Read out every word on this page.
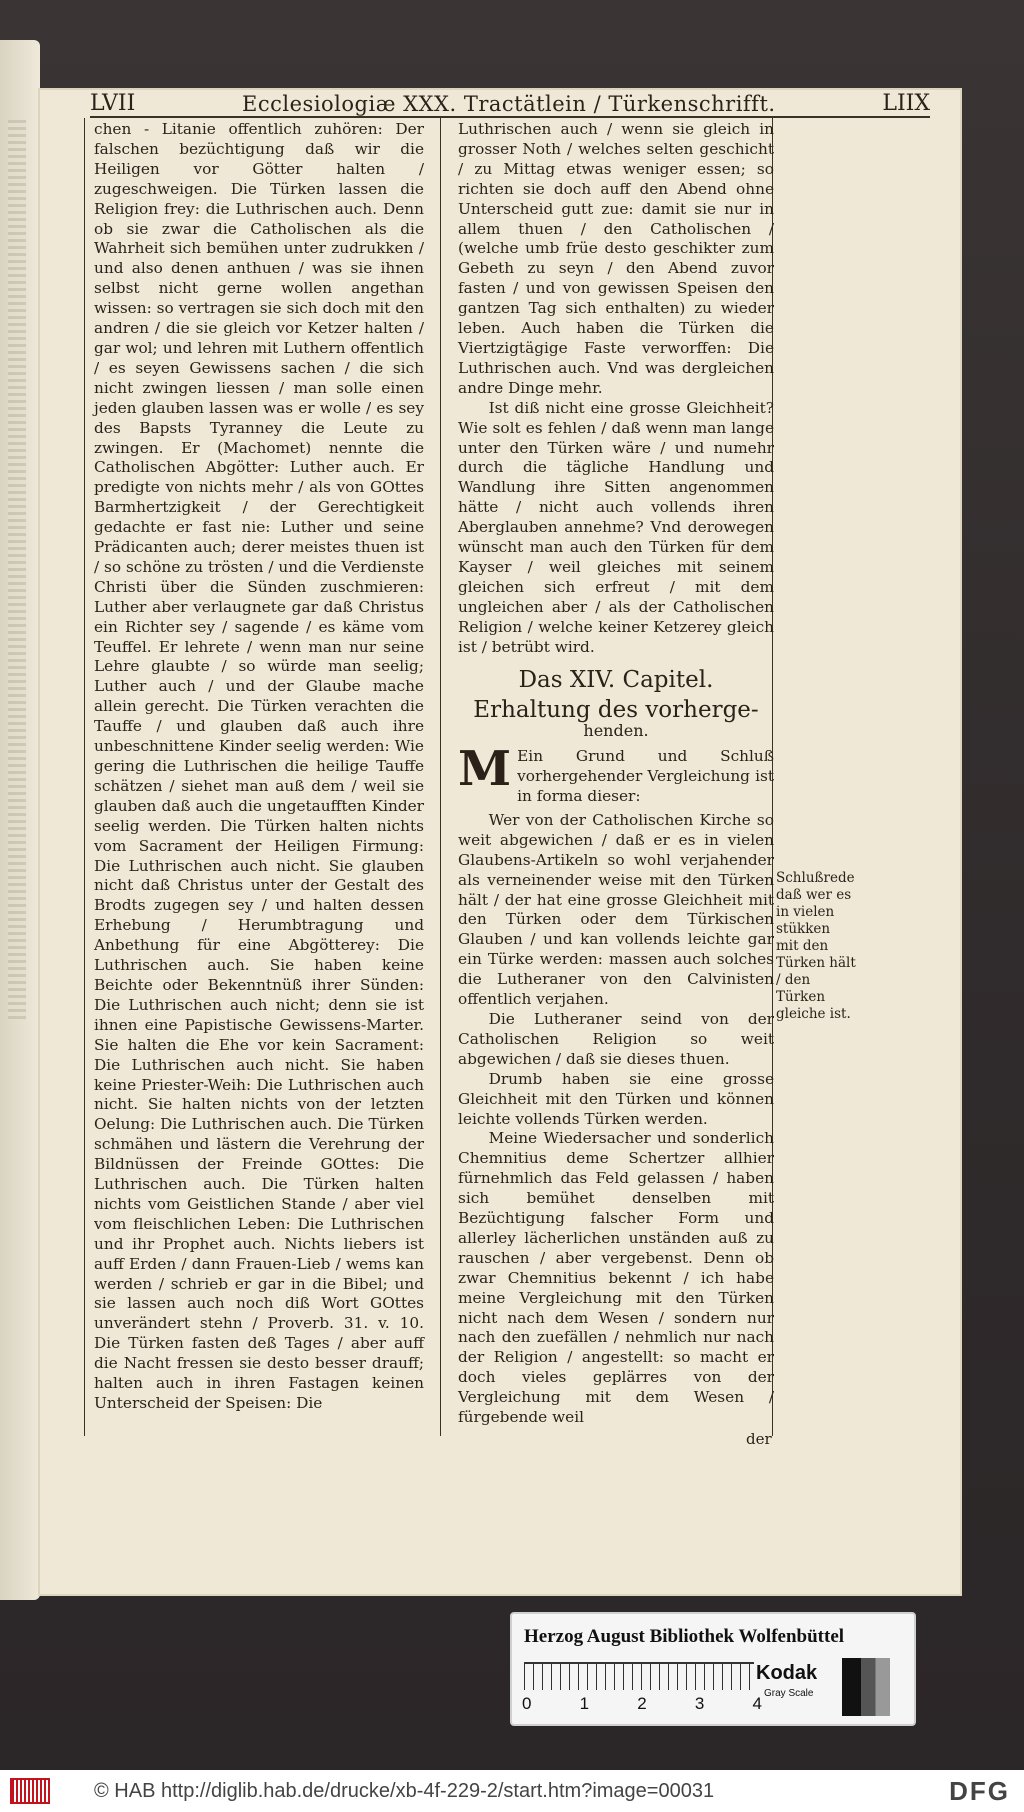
LVII	Ecclesiologiæ XXX. Tractätlein / Türkenschrifft.	LIIX

chen - Litanie offentlich zuhören: Der falschen bezüchtigung daß wir die Heiligen vor Götter halten / zugeschweigen. Die Türken lassen die Religion frey: die Luthrischen auch. Denn ob sie zwar die Catholischen als die Wahrheit sich bemühen unter zudrukken / und also denen anthuen / was sie ihnen selbst nicht gerne wollen angethan wissen: so vertragen sie sich doch mit den andren / die sie gleich vor Ketzer halten / gar wol; und lehren mit Luthern offentlich / es seyen Gewissens sachen / die sich nicht zwingen liessen / man solle einen jeden glauben lassen was er wolle / es sey des Bapsts Tyranney die Leute zu zwingen. Er (Machomet) nennte die Catholischen Abgötter: Luther auch. Er predigte von nichts mehr / als von GOttes Barmhertzigkeit / der Gerechtigkeit gedachte er fast nie: Luther und seine Prädicanten auch; derer meistes thuen ist / so schöne zu trösten / und die Verdienste Christi über die Sünden zuschmieren: Luther aber verlaugnete gar daß Christus ein Richter sey / sagende / es käme vom Teuffel. Er lehrete / wenn man nur seine Lehre glaubte / so würde man seelig; Luther auch / und der Glaube mache allein gerecht. Die Türken verachten die Tauffe / und glauben daß auch ihre unbeschnittene Kinder seelig werden: Wie gering die Luthrischen die heilige Tauffe schätzen / siehet man auß dem / weil sie glauben daß auch die ungetaufften Kinder seelig werden. Die Türken halten nichts vom Sacrament der Heiligen Firmung: Die Luthrischen auch nicht. Sie glauben nicht daß Christus unter der Gestalt des Brodts zugegen sey / und halten dessen Erhebung / Herumbtragung und Anbethung für eine Abgötterey: Die Luthrischen auch. Sie haben keine Beichte oder Bekenntnüß ihrer Sünden: Die Luthrischen auch nicht; denn sie ist ihnen eine Papistische Gewissens-Marter. Sie halten die Ehe vor kein Sacrament: Die Luthrischen auch nicht. Sie haben keine Priester-Weih: Die Luthrischen auch nicht. Sie halten nichts von der letzten Oelung: Die Luthrischen auch. Die Türken schmähen und lästern die Verehrung der Bildnüssen der Freinde GOttes: Die Luthrischen auch. Die Türken halten nichts vom Geistlichen Stande / aber viel vom fleischlichen Leben: Die Luthrischen und ihr Prophet auch. Nichts liebers ist auff Erden / dann Frauen-Lieb / wems kan werden / schrieb er gar in die Bibel; und sie lassen auch noch diß Wort GOttes unverändert stehn / Proverb. 31. v. 10. Die Türken fasten deß Tages / aber auff die Nacht fressen sie desto besser drauff; halten auch in ihren Fastagen keinen Unterscheid der Speisen: Die

Luthrischen auch / wenn sie gleich in grosser Noth / welches selten geschicht / zu Mittag etwas weniger essen; so richten sie doch auff den Abend ohne Unterscheid gutt zue: damit sie nur in allem thuen / den Catholischen / (welche umb früe desto geschikter zum Gebeth zu seyn / den Abend zuvor fasten / und von gewissen Speisen den gantzen Tag sich enthalten) zu wieder leben. Auch haben die Türken die Viertzigtägige Faste verworffen: Die Luthrischen auch. Vnd was dergleichen andre Dinge mehr.

Ist diß nicht eine grosse Gleichheit? Wie solt es fehlen / daß wenn man lange unter den Türken wäre / und numehr durch die tägliche Handlung und Wandlung ihre Sitten angenommen hätte / nicht auch vollends ihren Aberglauben annehme? Vnd derowegen wünscht man auch den Türken für dem Kayser / weil gleiches mit seinem gleichen sich erfreut / mit dem ungleichen aber / als der Catholischen Religion / welche keiner Ketzerey gleich ist / betrübt wird.

Das XIV. Capitel.

Erhaltung des vorherge-

henden.

M Ein Grund und Schluß vorhergehender Vergleichung ist in forma dieser:

Wer von der Catholischen Kirche so weit abgewichen / daß er es in vielen Glaubens-Artikeln so wohl verjahender als verneinender weise mit den Türken hält / der hat eine grosse Gleichheit mit den Türken oder dem Türkischen Glauben / und kan vollends leichte gar ein Türke werden: massen auch solches die Lutheraner von den Calvinisten offentlich verjahen.

Die Lutheraner seind von der Catholischen Religion so weit abgewichen / daß sie dieses thuen.

Drumb haben sie eine grosse Gleichheit mit den Türken und können leichte vollends Türken werden.

Meine Wiedersacher und sonderlich Chemnitius deme Schertzer allhier fürnehmlich das Feld gelassen / haben sich bemühet denselben mit Bezüchtigung falscher Form und allerley lächerlichen unständen auß zu rauschen / aber vergebenst. Denn ob zwar Chemnitius bekennt / ich habe meine Vergleichung mit den Türken nicht nach dem Wesen / sondern nur nach den zuefällen / nehmlich nur nach der Religion / angestellt: so macht er doch vieles geplärres von der Vergleichung mit dem Wesen / fürgebende weil

Schlußrede daß wer es in vielen stükken mit den Türken hält / den Türken gleiche ist.
der
Herzog August Bibliothek Wolfenbüttel
0	1	2	3	4
Kodak
Gray Scale
© HAB http://diglib.hab.de/drucke/xb-4f-229-2/start.htm?image=00031	DFG
